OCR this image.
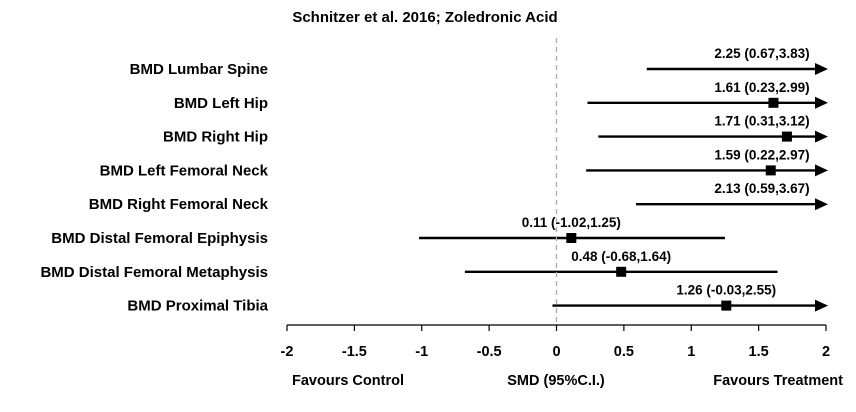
Schnitzer et al. 2016; Zoledronic Acid
BMD Lumbar Spine
2.25 (0.67,3.83)
BMD Left Hip
1.61 (0.23,2.99)
BMD Right Hip
1.71 (0.31,3.12)
BMD Left Femoral Neck
1.59 (0.22,2.97)
BMD Right Femoral Neck
2.13 (0.59,3.67)
BMD Distal Femoral Epiphysis
0.11 (-1.02,1.25)
BMD Distal Femoral Metaphysis
0.48 (-0.68,1.64)
BMD Proximal Tibia
1.26 (-0.03,2.55)
-2	-1.5	-1	-0.5	0	0.5	1	1.5	2
Favours Control	SMD (95%C.I.)	Favours Treatment
